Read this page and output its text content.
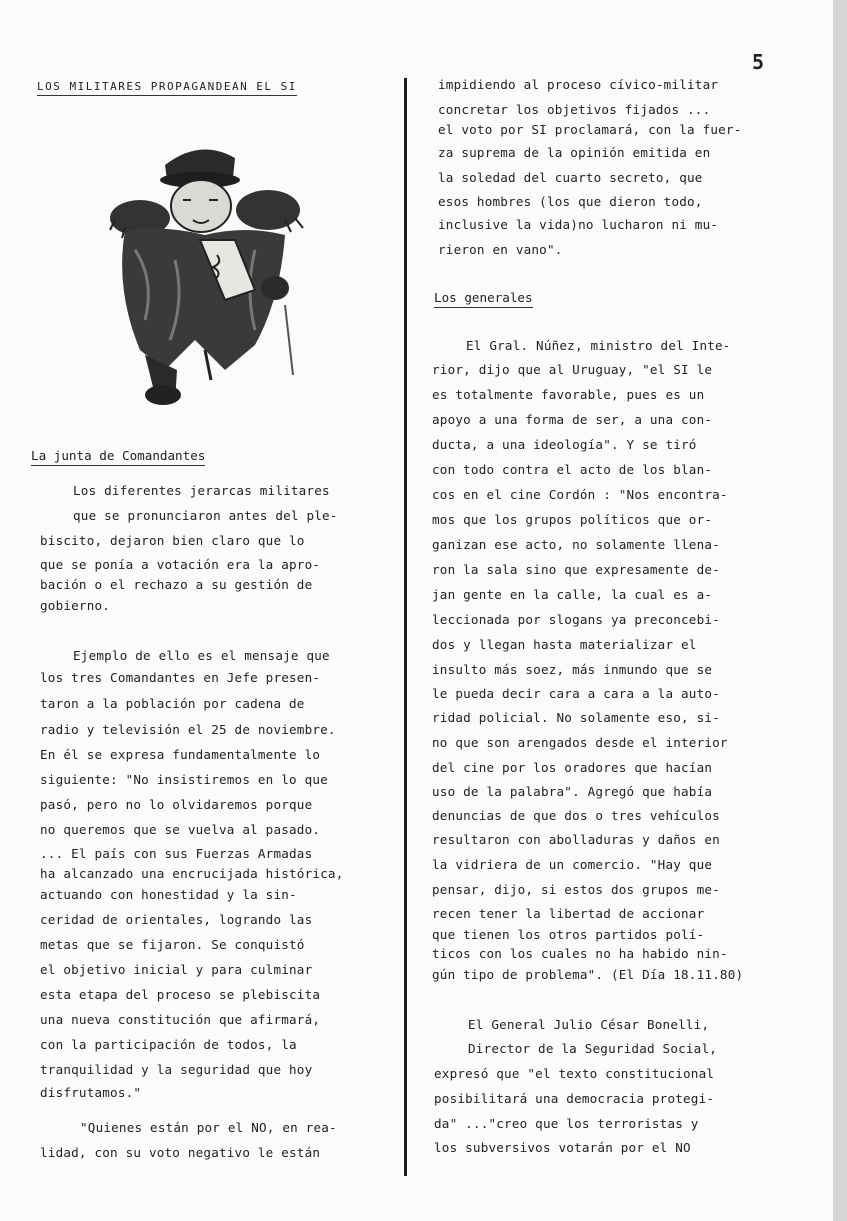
5
LOS MILITARES PROPAGANDEAN EL SI
La junta de Comandantes
Los diferentes jerarcas militares
que se pronunciaron antes del ple-
biscito, dejaron bien claro que lo
que se ponía a votación era la apro-
bación o el rechazo a su gestión de
gobierno.
Ejemplo de ello es el mensaje que
los tres Comandantes en Jefe presen-
taron a la población por cadena de
radio y televisión el 25 de noviembre.
En él se expresa fundamentalmente lo
siguiente: "No insistiremos en lo que
pasó, pero no lo olvidaremos porque
no queremos que se vuelva al pasado.
... El país con sus Fuerzas Armadas
ha alcanzado una encrucijada histórica,
actuando con honestidad y la sin-
ceridad de orientales, logrando las
metas que se fijaron. Se conquistó
el objetivo inicial y para culminar
esta etapa del proceso se plebiscita
una nueva constitución que afirmará,
con la participación de todos, la
tranquilidad y la seguridad que hoy
disfrutamos."
"Quienes están por el NO, en rea-
lidad, con su voto negativo le están
impidiendo al proceso cívico-militar
concretar los objetivos fijados ...
el voto por SI proclamará, con la fuer-
za suprema de la opinión emitida en
la soledad del cuarto secreto, que
esos hombres (los que dieron todo,
inclusive la vida)no lucharon ni mu-
rieron en vano".
Los generales
El Gral. Núñez, ministro del Inte-
rior, dijo que al Uruguay, "el SI le
es totalmente favorable, pues es un
apoyo a una forma de ser, a una con-
ducta, a una ideología". Y se tiró
con todo contra el acto de los blan-
cos en el cine Cordón : "Nos encontra-
mos que los grupos políticos que or-
ganizan ese acto, no solamente llena-
ron la sala sino que expresamente de-
jan gente en la calle, la cual es a-
leccionada por slogans ya preconcebi-
dos y llegan hasta materializar el
insulto más soez, más inmundo que se
le pueda decir cara a cara a la auto-
ridad policial. No solamente eso, si-
no que son arengados desde el interior
del cine por los oradores que hacían
uso de la palabra". Agregó que había
denuncias de que dos o tres vehículos
resultaron con abolladuras y daños en
la vidriera de un comercio. "Hay que
pensar, dijo, si estos dos grupos me-
recen tener la libertad de accionar
que tienen los otros partidos polí-
ticos con los cuales no ha habido nin-
gún tipo de problema". (El Día 18.11.80)
El General Julio César Bonelli,
Director de la Seguridad Social,
expresó que "el texto constitucional
posibilitará una democracia protegi-
da" ..."creo que los terroristas y
los subversivos votarán por el NO
